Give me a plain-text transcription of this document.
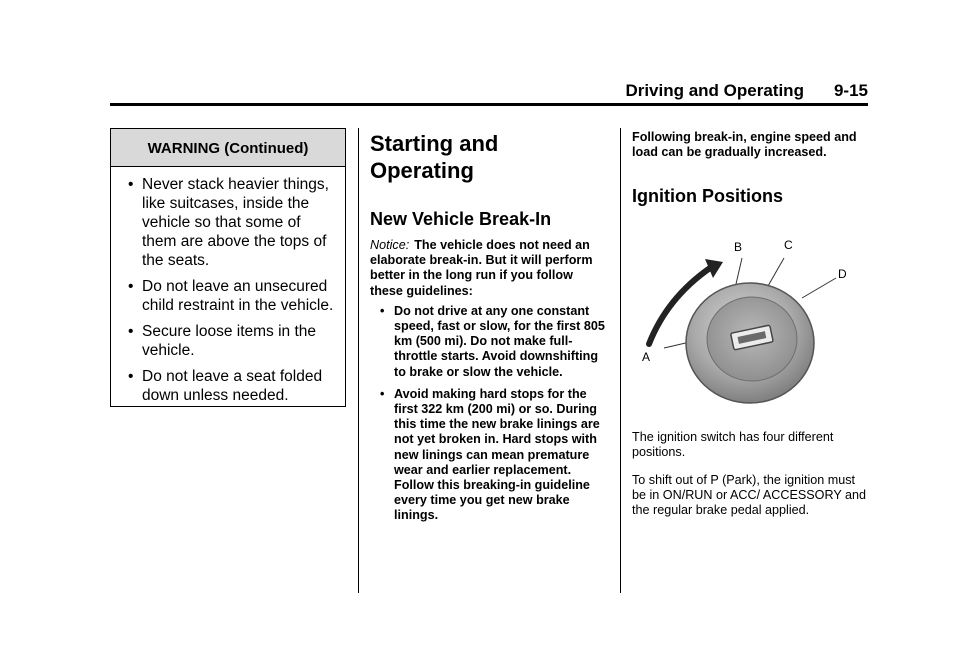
Driving and Operating 9-15
WARNING (Continued)
• Never stack heavier things, like suitcases, inside the vehicle so that some of them are above the tops of the seats.
• Do not leave an unsecured child restraint in the vehicle.
• Secure loose items in the vehicle.
• Do not leave a seat folded down unless needed.
Starting and Operating
New Vehicle Break-In

Notice: The vehicle does not need an elaborate break-in. But it will perform better in the long run if you follow these guidelines:

• Do not drive at any one constant speed, fast or slow, for the first 805 km (500 mi). Do not make full-throttle starts. Avoid downshifting to brake or slow the vehicle.
• Avoid making hard stops for the first 322 km (200 mi) or so. During this time the new brake linings are not yet broken in. Hard stops with new linings can mean premature wear and earlier replacement. Follow this breaking-in guideline every time you get new brake linings.

Following break-in, engine speed and load can be gradually increased.

Ignition Positions
A
B	C
D

The ignition switch has four different positions.

To shift out of P (Park), the ignition must be in ON/RUN or ACC/ ACCESSORY and the regular brake pedal applied.
